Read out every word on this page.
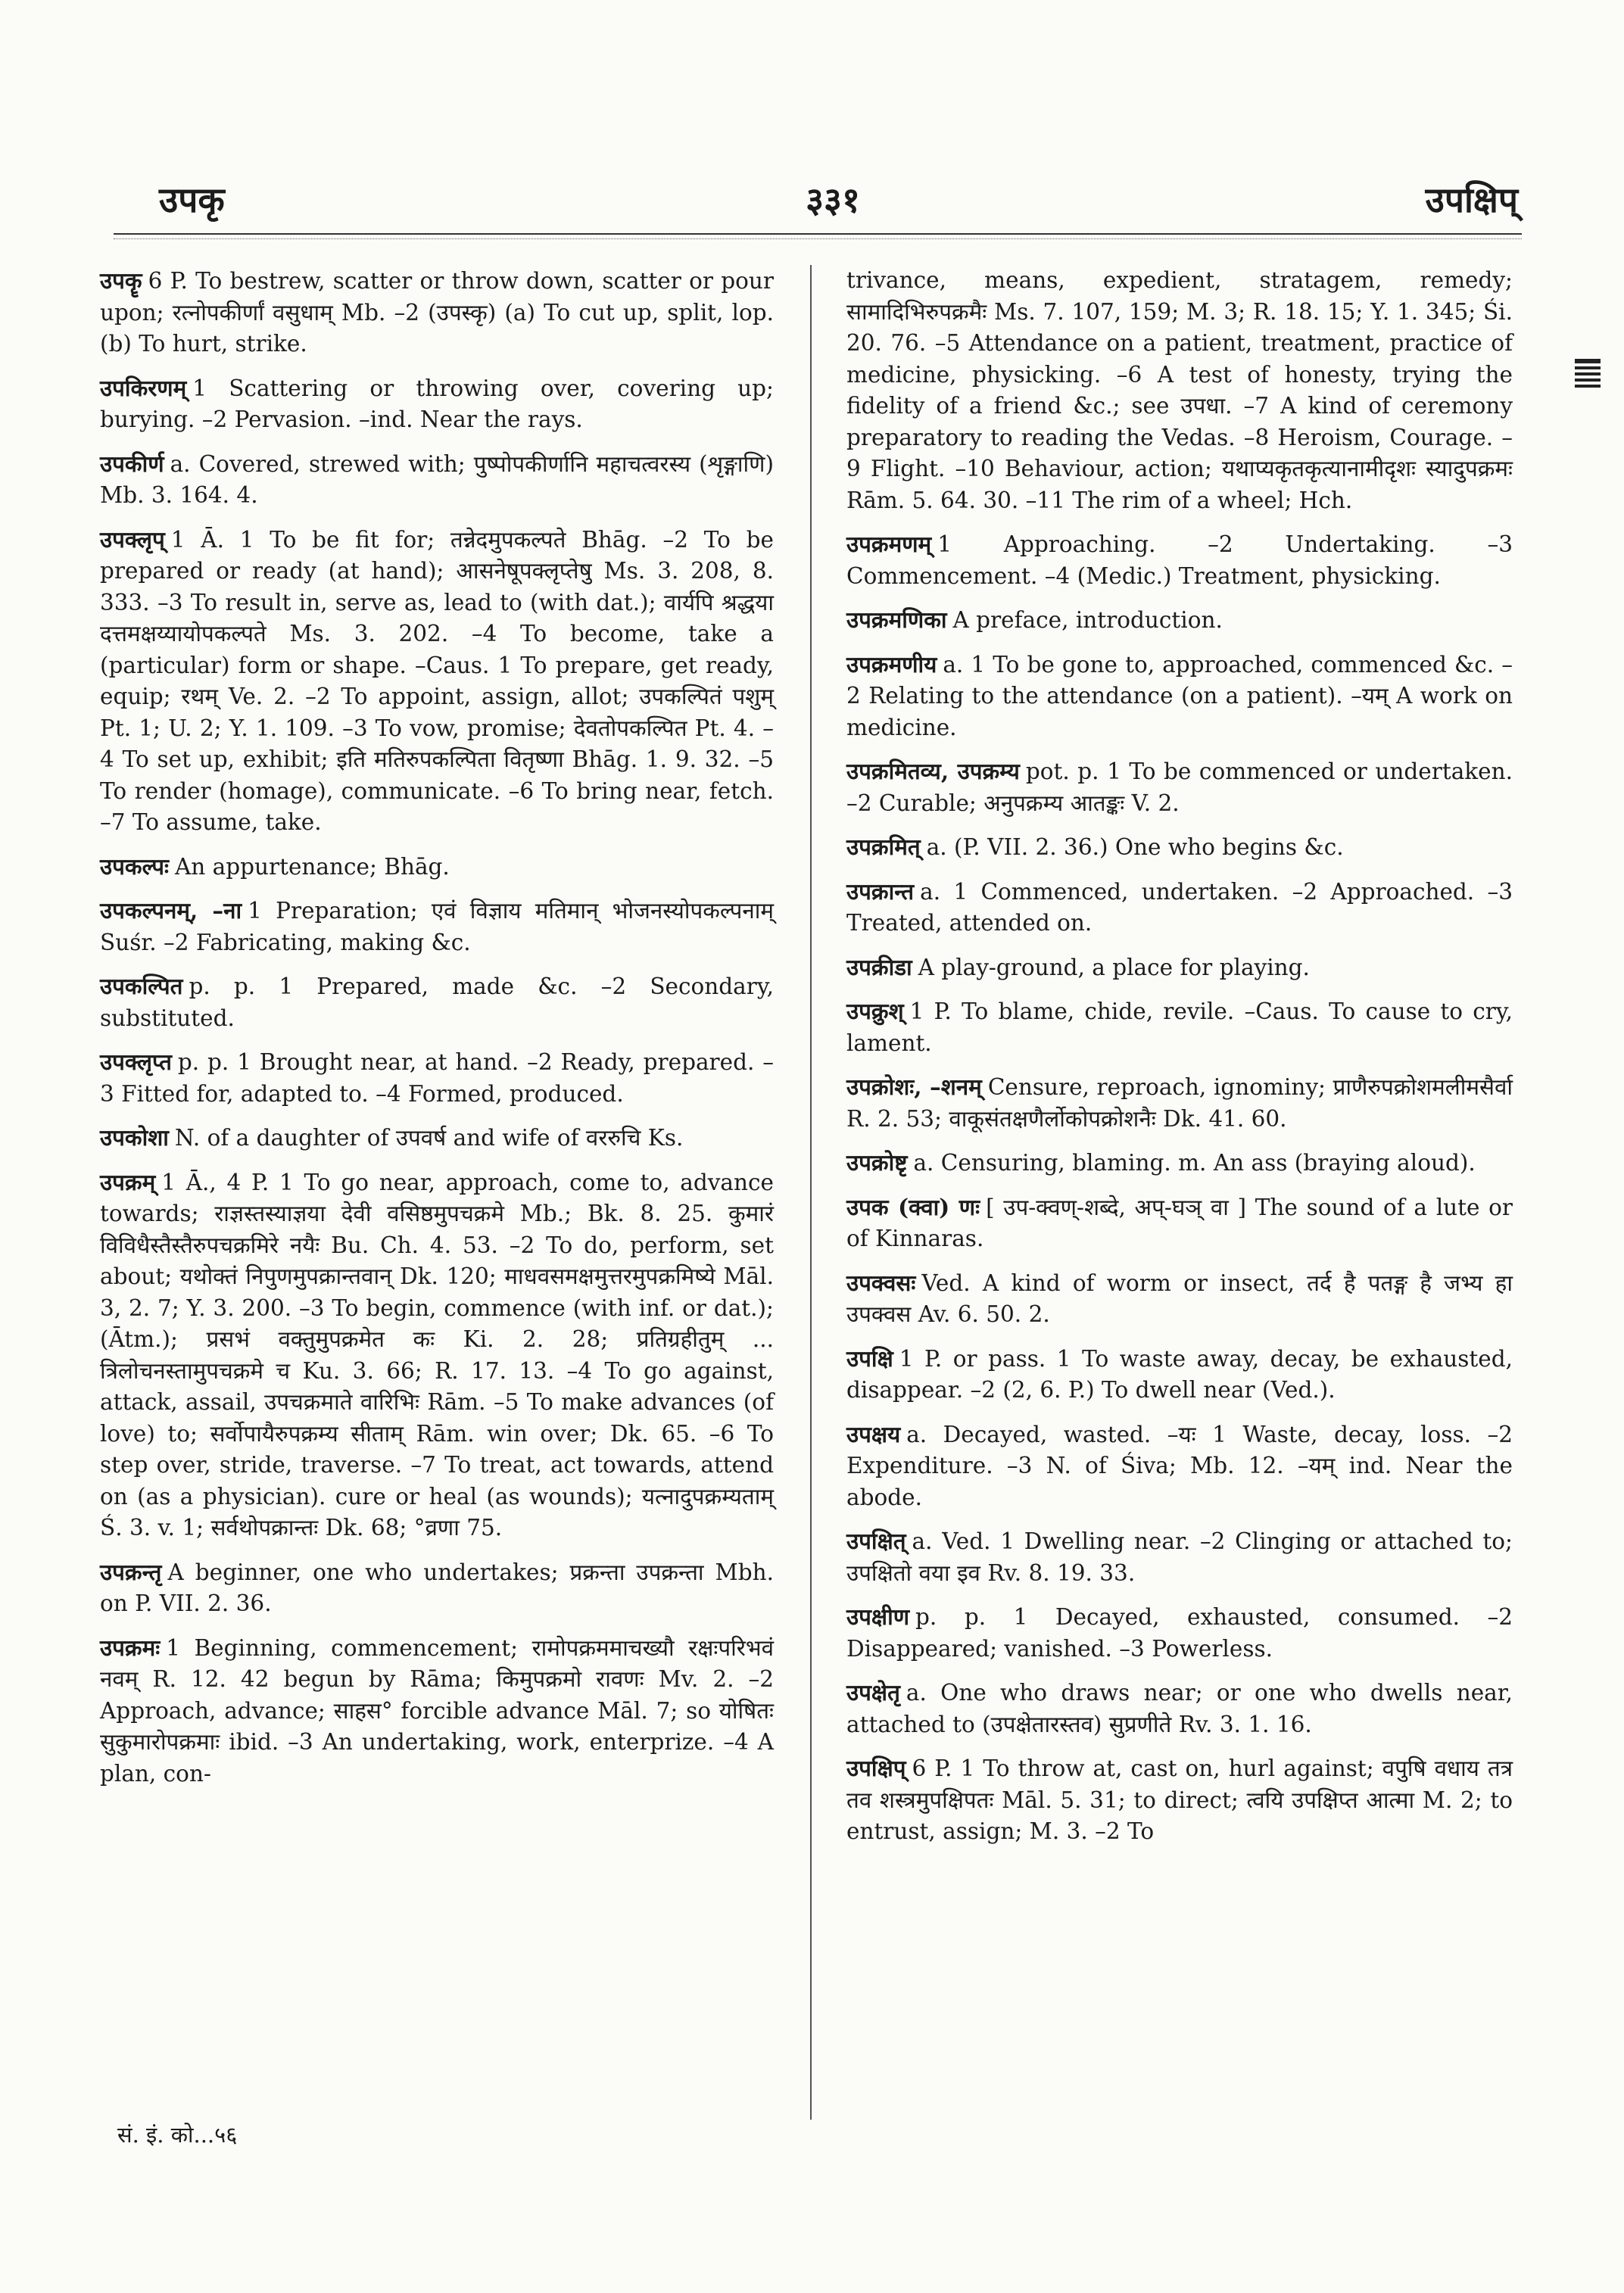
उपकृ	३३१	उपक्षिप्
उपकॄ 6 P. To bestrew, scatter or throw down, scatter or pour upon; रत्नोपकीर्णां वसुधाम् Mb. –2 (उपस्कृ) (a) To cut up, split, lop. (b) To hurt, strike.
उपकिरणम् 1 Scattering or throwing over, covering up; burying. –2 Pervasion. –ind. Near the rays.
उपकीर्ण a. Covered, strewed with; पुष्पोपकीर्णानि महाचत्वरस्य (शृङ्गाणि) Mb. 3. 164. 4.
उपक्लृप् 1 Ā. 1 To be fit for; तन्नेदमुपकल्पते Bhāg. –2 To be prepared or ready (at hand); आसनेषूपक्लृप्तेषु Ms. 3. 208, 8. 333. –3 To result in, serve as, lead to (with dat.); वार्यपि श्रद्धया दत्तमक्षय्यायोपकल्पते Ms. 3. 202. –4 To become, take a (particular) form or shape. –Caus. 1 To prepare, get ready, equip; रथम् Ve. 2. –2 To appoint, assign, allot; उपकल्पितं पशुम् Pt. 1; U. 2; Y. 1. 109. –3 To vow, promise; देवतोपकल्पित Pt. 4. –4 To set up, exhibit; इति मतिरुपकल्पिता वितृष्णा Bhāg. 1. 9. 32. –5 To render (homage), communicate. –6 To bring near, fetch. –7 To assume, take.
उपकल्पः An appurtenance; Bhāg.
उपकल्पनम्, –ना 1 Preparation; एवं विज्ञाय मतिमान् भोजनस्योपकल्पनाम् Suśr. –2 Fabricating, making &c.
उपकल्पित p. p. 1 Prepared, made &c. –2 Secondary, substituted.
उपक्लृप्त p. p. 1 Brought near, at hand. –2 Ready, prepared. –3 Fitted for, adapted to. –4 Formed, produced.
उपकोशा N. of a daughter of उपवर्ष and wife of वररुचि Ks.
उपक्रम् 1 Ā., 4 P. 1 To go near, approach, come to, advance towards; राज्ञस्तस्याज्ञया देवी वसिष्ठमुपचक्रमे Mb.; Bk. 8. 25. कुमारं विविधैस्तैस्तैरुपचक्रमिरे नयैः Bu. Ch. 4. 53. –2 To do, perform, set about; यथोक्तं निपुणमुपक्रान्तवान् Dk. 120; माधवसमक्षमुत्तरमुपक्रमिष्ये Māl. 3, 2. 7; Y. 3. 200. –3 To begin, commence (with inf. or dat.); (Ātm.); प्रसभं वक्तुमुपक्रमेत कः Ki. 2. 28; प्रतिग्रहीतुम् ... त्रिलोचनस्तामुपचक्रमे च Ku. 3. 66; R. 17. 13. –4 To go against, attack, assail, उपचक्रमाते वारिभिः Rām. –5 To make advances (of love) to; सर्वोपायैरुपक्रम्य सीताम् Rām. win over; Dk. 65. –6 To step over, stride, traverse. –7 To treat, act towards, attend on (as a physician). cure or heal (as wounds); यत्नादुपक्रम्यताम् Ś. 3. v. 1; सर्वथोपक्रान्तः Dk. 68; °व्रणा 75.
उपक्रन्तृ A beginner, one who undertakes; प्रक्रन्ता उपक्रन्ता Mbh. on P. VII. 2. 36.
उपक्रमः 1 Beginning, commencement; रामोपक्रममाचख्यौ रक्षःपरिभवं नवम् R. 12. 42 begun by Rāma; किमुपक्रमो रावणः Mv. 2. –2 Approach, advance; साहस° forcible advance Māl. 7; so योषितः सुकुमारोपक्रमाः ibid. –3 An undertaking, work, enterprize. –4 A plan, con-
trivance, means, expedient, stratagem, remedy; सामादिभिरुपक्रमैः Ms. 7. 107, 159; M. 3; R. 18. 15; Y. 1. 345; Śi. 20. 76. –5 Attendance on a patient, treatment, practice of medicine, physicking. –6 A test of honesty, trying the fidelity of a friend &c.; see उपधा. –7 A kind of ceremony preparatory to reading the Vedas. –8 Heroism, Courage. –9 Flight. –10 Behaviour, action; यथाप्यकृतकृत्यानामीदृशः स्यादुपक्रमः Rām. 5. 64. 30. –11 The rim of a wheel; Hch.
उपक्रमणम् 1 Approaching. –2 Undertaking. –3 Commencement. –4 (Medic.) Treatment, physicking.
उपक्रमणिका A preface, introduction.
उपक्रमणीय a. 1 To be gone to, approached, commenced &c. –2 Relating to the attendance (on a patient). –यम् A work on medicine.
उपक्रमितव्य, उपक्रम्य pot. p. 1 To be commenced or undertaken. –2 Curable; अनुपक्रम्य आतङ्कः V. 2.
उपक्रमित् a. (P. VII. 2. 36.) One who begins &c.
उपक्रान्त a. 1 Commenced, undertaken. –2 Approached. –3 Treated, attended on.
उपक्रीडा A play-ground, a place for playing.
उपक्रुश् 1 P. To blame, chide, revile. –Caus. To cause to cry, lament.
उपक्रोशः, –शनम् Censure, reproach, ignominy; प्राणैरुपक्रोशमलीमसैर्वा R. 2. 53; वाकूसंतक्षणैर्लोकोपक्रोशनैः Dk. 41. 60.
उपक्रोष्टृ a. Censuring, blaming. m. An ass (braying aloud).
उपक (क्वा) णः [ उप-क्वण्-शब्दे, अप्-घञ् वा ] The sound of a lute or of Kinnaras.
उपक्वसः Ved. A kind of worm or insect, तर्द है पतङ्ग है जभ्य हा उपक्वस Av. 6. 50. 2.
उपक्षि 1 P. or pass. 1 To waste away, decay, be exhausted, disappear. –2 (2, 6. P.) To dwell near (Ved.).
उपक्षय a. Decayed, wasted. –यः 1 Waste, decay, loss. –2 Expenditure. –3 N. of Śiva; Mb. 12. –यम् ind. Near the abode.
उपक्षित् a. Ved. 1 Dwelling near. –2 Clinging or attached to; उपक्षितो वया इव Rv. 8. 19. 33.
उपक्षीण p. p. 1 Decayed, exhausted, consumed. –2 Disappeared; vanished. –3 Powerless.
उपक्षेतृ a. One who draws near; or one who dwells near, attached to (उपक्षेतारस्तव) सुप्रणीते Rv. 3. 1. 16.
उपक्षिप् 6 P. 1 To throw at, cast on, hurl against; वपुषि वधाय तत्र तव शस्त्रमुपक्षिपतः Māl. 5. 31; to direct; त्वयि उपक्षिप्त आत्मा M. 2; to entrust, assign; M. 3. –2 To
सं. इं. को...५६
